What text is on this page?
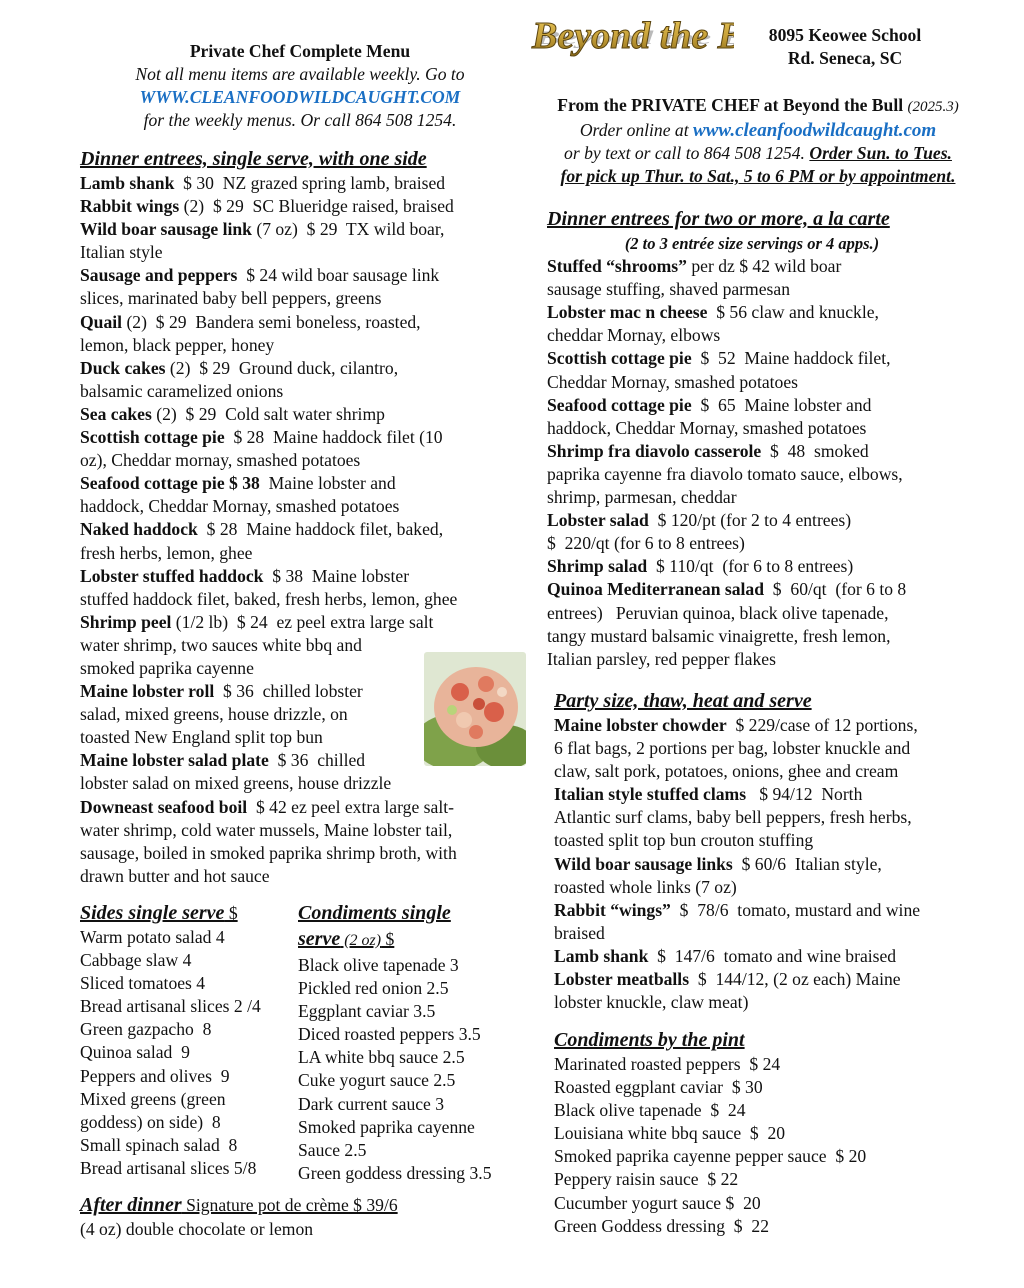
Private Chef Complete Menu
Not all menu items are available weekly. Go to
WWW.CLEANFOODWILDCAUGHT.COM
for the weekly menus. Or call 864 508 1254.
Beyond the
Beyond the	8095 Keowee School
Rd. Seneca, SC
From the PRIVATE CHEF at Beyond the Bull (2025.3)
Order online at www.cleanfoodwildcaught.com
or by text or call to 864 508 1254. Order Sun. to Tues.
for pick up Thur. to Sat., 5 to 6 PM or by appointment.
Dinner entrees, single serve, with one side
Lamb shank  $ 30  NZ grazed spring lamb, braised
Rabbit wings (2)  $ 29  SC Blueridge raised, braised
Wild boar sausage link (7 oz)  $ 29  TX wild boar,
Italian style
Sausage and peppers  $ 24 wild boar sausage link
slices, marinated baby bell peppers, greens
Quail (2)  $ 29  Bandera semi boneless, roasted,
lemon, black pepper, honey
Duck cakes (2)  $ 29  Ground duck, cilantro,
balsamic caramelized onions
Sea cakes (2)  $ 29  Cold salt water shrimp
Scottish cottage pie  $ 28  Maine haddock filet (10
oz), Cheddar mornay, smashed potatoes
Seafood cottage pie $ 38  Maine lobster and
haddock, Cheddar Mornay, smashed potatoes
Naked haddock  $ 28  Maine haddock filet, baked,
fresh herbs, lemon, ghee
Lobster stuffed haddock  $ 38  Maine lobster
stuffed haddock filet, baked, fresh herbs, lemon, ghee
Shrimp peel (1/2 lb)  $ 24  ez peel extra large salt
water shrimp, two sauces white bbq and
smoked paprika cayenne
Maine lobster roll  $ 36  chilled lobster
salad, mixed greens, house drizzle, on
toasted New England split top bun
Maine lobster salad plate  $ 36  chilled
lobster salad on mixed greens, house drizzle
Downeast seafood boil  $ 42 ez peel extra large salt-
water shrimp, cold water mussels, Maine lobster tail,
sausage, boiled in smoked paprika shrimp broth, with
drawn butter and hot sauce
Sides single serve $
Warm potato salad 4
Cabbage slaw 4
Sliced tomatoes 4
Bread artisanal slices 2 /4
Green gazpacho  8
Quinoa salad  9
Peppers and olives  9
Mixed greens (green
goddess) on side)  8
Small spinach salad  8
Bread artisanal slices 5/8
Condiments single
serve (2 oz) $
Black olive tapenade 3
Pickled red onion 2.5
Eggplant caviar 3.5
Diced roasted peppers 3.5
LA white bbq sauce 2.5
Cuke yogurt sauce 2.5
Dark current sauce 3
Smoked paprika cayenne
Sauce 2.5
Green goddess dressing 3.5
After dinner Signature pot de crème $ 39/6
(4 oz) double chocolate or lemon
Dinner entrees for two or more, a la carte
(2 to 3 entrée size servings or 4 apps.)
Stuffed “shrooms” per dz $ 42 wild boar
sausage stuffing, shaved parmesan
Lobster mac n cheese  $ 56 claw and knuckle,
cheddar Mornay, elbows
Scottish cottage pie  $  52  Maine haddock filet,
Cheddar Mornay, smashed potatoes
Seafood cottage pie  $  65  Maine lobster and
haddock, Cheddar Mornay, smashed potatoes
Shrimp fra diavolo casserole  $  48  smoked
paprika cayenne fra diavolo tomato sauce, elbows,
shrimp, parmesan, cheddar
Lobster salad  $ 120/pt (for 2 to 4 entrees)
$  220/qt (for 6 to 8 entrees)
Shrimp salad  $ 110/qt  (for 6 to 8 entrees)
Quinoa Mediterranean salad  $  60/qt  (for 6 to 8
entrees)   Peruvian quinoa, black olive tapenade,
tangy mustard balsamic vinaigrette, fresh lemon,
Italian parsley, red pepper flakes
Party size, thaw, heat and serve
Maine lobster chowder  $ 229/case of 12 portions,
6 flat bags, 2 portions per bag, lobster knuckle and
claw, salt pork, potatoes, onions, ghee and cream
Italian style stuffed clams   $ 94/12  North
Atlantic surf clams, baby bell peppers, fresh herbs,
toasted split top bun crouton stuffing
Wild boar sausage links  $ 60/6  Italian style,
roasted whole links (7 oz)
Rabbit “wings”  $  78/6  tomato, mustard and wine
braised
Lamb shank  $  147/6  tomato and wine braised
Lobster meatballs  $  144/12, (2 oz each) Maine
lobster knuckle, claw meat)
Condiments by the pint
Marinated roasted peppers  $ 24
Roasted eggplant caviar  $ 30
Black olive tapenade  $  24
Louisiana white bbq sauce  $  20
Smoked paprika cayenne pepper sauce  $ 20
Peppery raisin sauce  $ 22
Cucumber yogurt sauce $  20
Green Goddess dressing  $  22
